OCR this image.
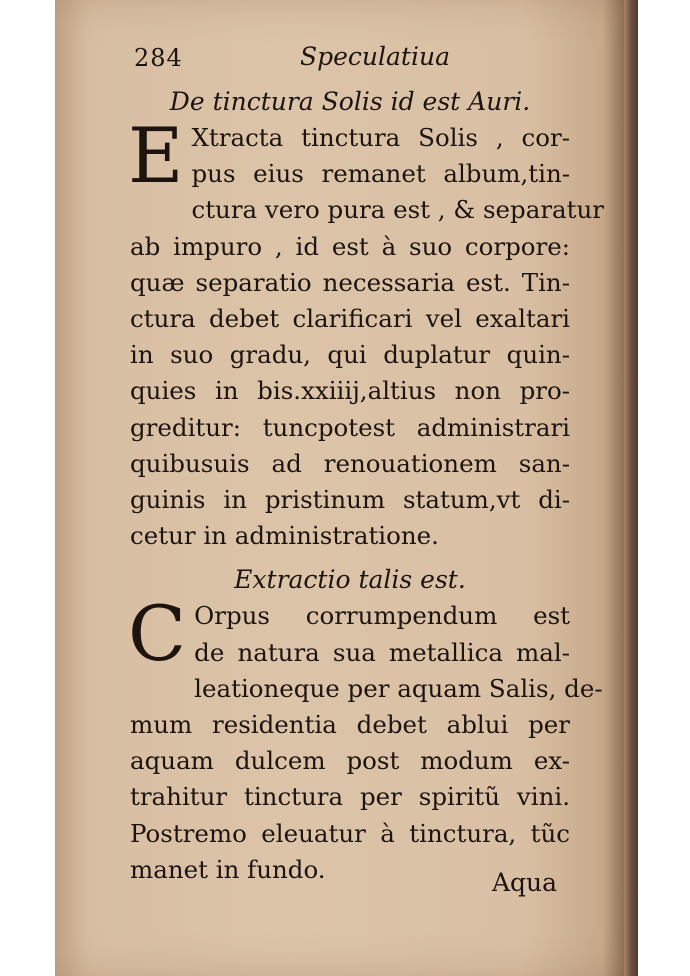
284	Speculatiua
De tinctura Solis id est Auri.
E Xtracta tinctura Solis , cor-
pus eius remanet album,tin-
ctura vero pura est , & separatur
ab impuro , id est à suo corpore:
quæ separatio necessaria est. Tin-
ctura debet clarificari vel exaltari
in suo gradu, qui duplatur quin-
quies in bis.xxiiij,altius non pro-
greditur: tuncpotest administrari
quibusuis ad renouationem san-
guinis in pristinum statum,vt di-
cetur in administratione.
Extractio talis est.
C Orpus corrumpendum est
de natura sua metallica mal-
leationeque per aquam Salis, de-
mum residentia debet ablui per
aquam dulcem post modum ex-
trahitur tinctura per spiritũ vini.
Postremo eleuatur à tinctura, tũc
manet in fundo.	Aqua
